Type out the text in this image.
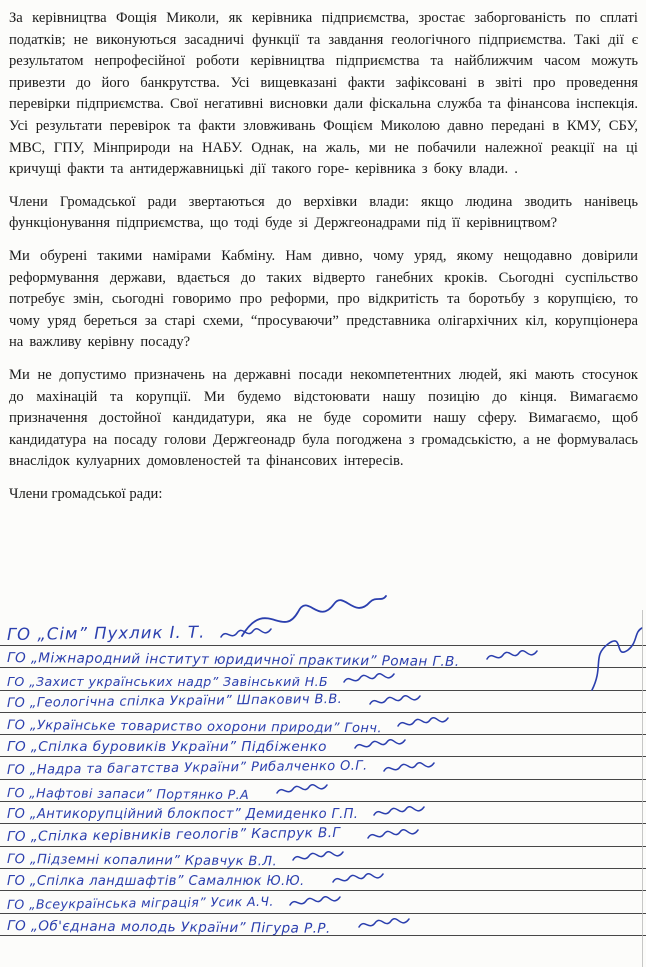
За керівництва Фощія Миколи, як керівника підприємства, зростає заборгованість по сплаті податків; не виконуються засадничі функції та завдання геологічного підприємства. Такі дії є результатом непрофесійної роботи керівництва підприємства та найближчим часом можуть привезти до його банкрутства. Усі вищевказані факти зафіксовані в звіті про проведення перевірки підприємства. Свої негативні висновки дали фіскальна служба та фінансова інспекція. Усі результати перевірок та факти зловживань Фощієм Миколою давно передані в КМУ, СБУ, МВС, ГПУ, Мінприроди на НАБУ. Однак, на жаль, ми не побачили належної реакції на ці кричущі факти та антидержавницькі дії такого горе- керівника з боку влади. .

Члени Громадської ради звертаються до верхівки влади: якщо людина зводить нанівець функціонування підприємства, що тоді буде зі Держгеонадрами під її керівництвом?

Ми обурені такими намірами Кабміну. Нам дивно, чому уряд, якому нещодавно довірили реформування держави, вдається до таких відверто ганебних кроків. Сьогодні суспільство потребує змін, сьогодні говоримо про реформи, про відкритість та боротьбу з корупцією, то чому уряд береться за старі схеми, “просуваючи” представника олігархічних кіл, корупціонера на важливу керівну посаду?

Ми не допустимо призначень на державні посади некомпетентних людей, які мають стосунок до махінацій та корупції. Ми будемо відстоювати нашу позицію до кінця. Вимагаємо призначення достойної кандидатури, яка не буде соромити нашу сферу. Вимагаємо, щоб кандидатура на посаду голови Держгеонадр була погоджена з громадськістю, а не формувалась внаслідок кулуарних домовленостей та фінансових інтересів.

Члени громадської ради:

ГО „Сім” Пухлик І. Т.
ГО „Міжнародний інститут юридичної практики” Роман Г.В.
ГО „Захист українських надр” Завінський Н.Б
ГО „Геологічна спілка України” Шпакович В.В.
ГО „Українське товариство охорони природи” Гонч.
ГО „Спілка буровиків України” Підбіженко
ГО „Надра та багатства України” Рибалченко О.Г.
ГО „Нафтові запаси” Портянко Р.А
ГО „Антикорупційний блокпост” Демиденко Г.П.
ГО „Спілка керівників геологів” Каспрук В.Г
ГО „Підземні копалини” Кравчук В.Л.
ГО „Спілка ландшафтів” Самалнюк Ю.Ю.
ГО „Всеукраїнська міграція” Усик А.Ч.
ГО „Об'єднана молодь України” Пігура Р.Р.
